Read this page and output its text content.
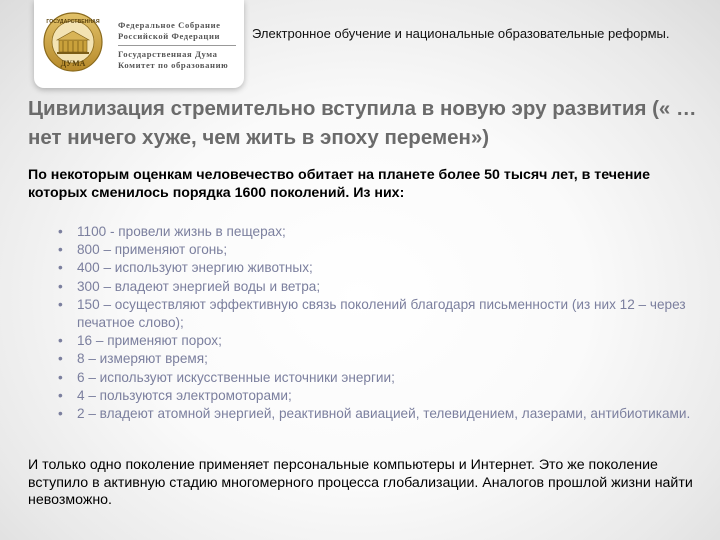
ГОСУДАРСТВЕННАЯ
ДУМА
Федеральное Собрание
Российской Федерации
Государственная Дума
Комитет по образованию
Электронное обучение и национальные образовательные реформы.
Цивилизация стремительно вступила в новую эру развития (« … нет ничего хуже, чем жить в эпоху перемен»)
По некоторым оценкам человечество обитает на планете более 50 тысяч лет, в течение которых сменилось порядка 1600 поколений. Из них:
• 1100 - провели жизнь в пещерах;
• 800 – применяют огонь;
• 400 – используют энергию животных;
• 300 – владеют энергией воды и ветра;
• 150 – осуществляют эффективную связь поколений благодаря письменности (из них 12 – через печатное слово);
• 16 – применяют порох;
• 8 – измеряют время;
• 6 – используют искусственные источники энергии;
• 4 – пользуются электромоторами;
• 2 – владеют атомной энергией, реактивной авиацией, телевидением, лазерами, антибиотиками.
И только одно поколение применяет персональные компьютеры и Интернет. Это же поколение вступило в активную стадию многомерного процесса глобализации. Аналогов прошлой жизни найти невозможно.
